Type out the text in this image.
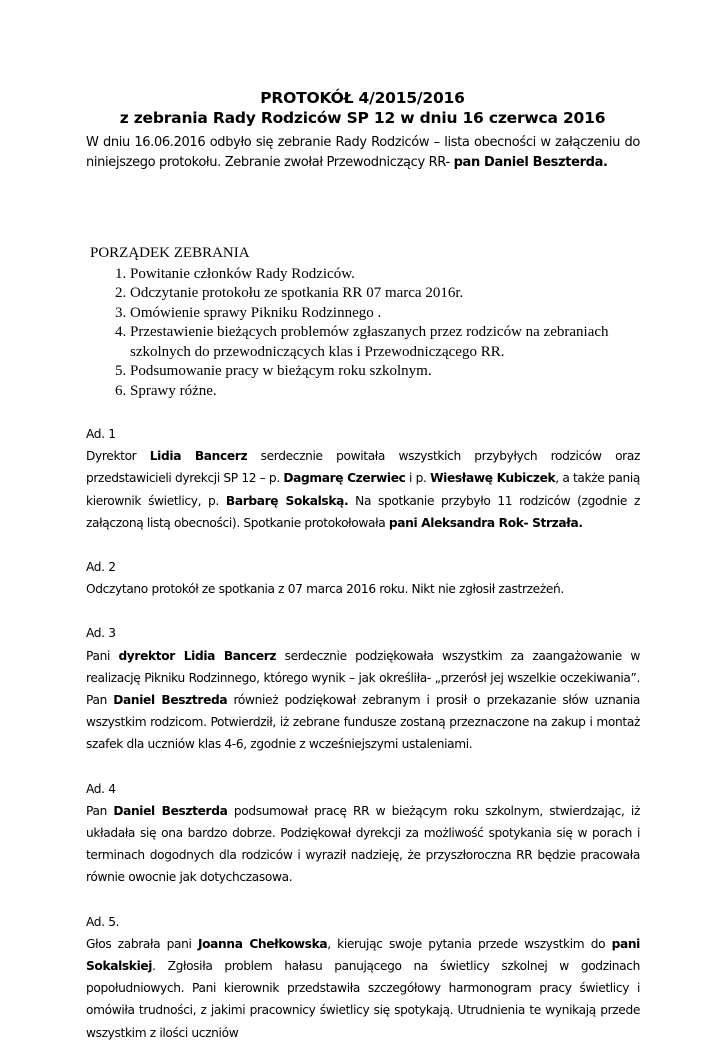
PROTOKÓŁ 4/2015/2016
z zebrania Rady Rodziców SP 12 w dniu 16 czerwca 2016

W dniu 16.06.2016 odbyło się zebranie Rady Rodziców – lista obecności w załączeniu do niniejszego protokołu. Zebranie zwołał Przewodniczący RR- pan Daniel Beszterda.

PORZĄDEK ZEBRANIA
1. Powitanie członków Rady Rodziców.
2. Odczytanie protokołu ze spotkania RR 07 marca 2016r.
3. Omówienie sprawy Pikniku Rodzinnego .
4. Przestawienie bieżących problemów zgłaszanych przez rodziców na zebraniach szkolnych do przewodniczących klas i Przewodniczącego RR.
5. Podsumowanie pracy w bieżącym roku szkolnym.
6. Sprawy różne.

Ad. 1

Dyrektor Lidia Bancerz serdecznie powitała wszystkich przybyłych rodziców oraz przedstawicieli dyrekcji SP 12 – p. Dagmarę Czerwiec i p. Wiesławę Kubiczek, a także panią kierownik świetlicy, p. Barbarę Sokalską. Na spotkanie przybyło 11 rodziców (zgodnie z załączoną listą obecności). Spotkanie protokołowała pani Aleksandra Rok- Strzała.

Ad. 2

Odczytano protokół ze spotkania z 07 marca 2016 roku. Nikt nie zgłosił zastrzeżeń.

Ad. 3

Pani dyrektor Lidia Bancerz serdecznie podziękowała wszystkim za zaangażowanie w realizację Pikniku Rodzinnego, którego wynik – jak określiła- „przerósł jej wszelkie oczekiwania”. Pan Daniel Besztreda również podziękował zebranym i prosił o przekazanie słów uznania wszystkim rodzicom. Potwierdził, iż zebrane fundusze zostaną przeznaczone na zakup i montaż szafek dla uczniów klas 4-6, zgodnie z wcześniejszymi ustaleniami.

Ad. 4

Pan Daniel Beszterda podsumował pracę RR w bieżącym roku szkolnym, stwierdzając, iż układała się ona bardzo dobrze. Podziękował dyrekcji za możliwość spotykania się w porach i terminach dogodnych dla rodziców i wyraził nadzieję, że przyszłoroczna RR będzie pracowała równie owocnie jak dotychczasowa.

Ad. 5.

Głos zabrała pani Joanna Chełkowska, kierując swoje pytania przede wszystkim do pani Sokalskiej. Zgłosiła problem hałasu panującego na świetlicy szkolnej w godzinach popołudniowych. Pani kierownik przedstawiła szczegółowy harmonogram pracy świetlicy i omówiła trudności, z jakimi pracownicy świetlicy się spotykają. Utrudnienia te wynikają przede wszystkim z ilości uczniów
